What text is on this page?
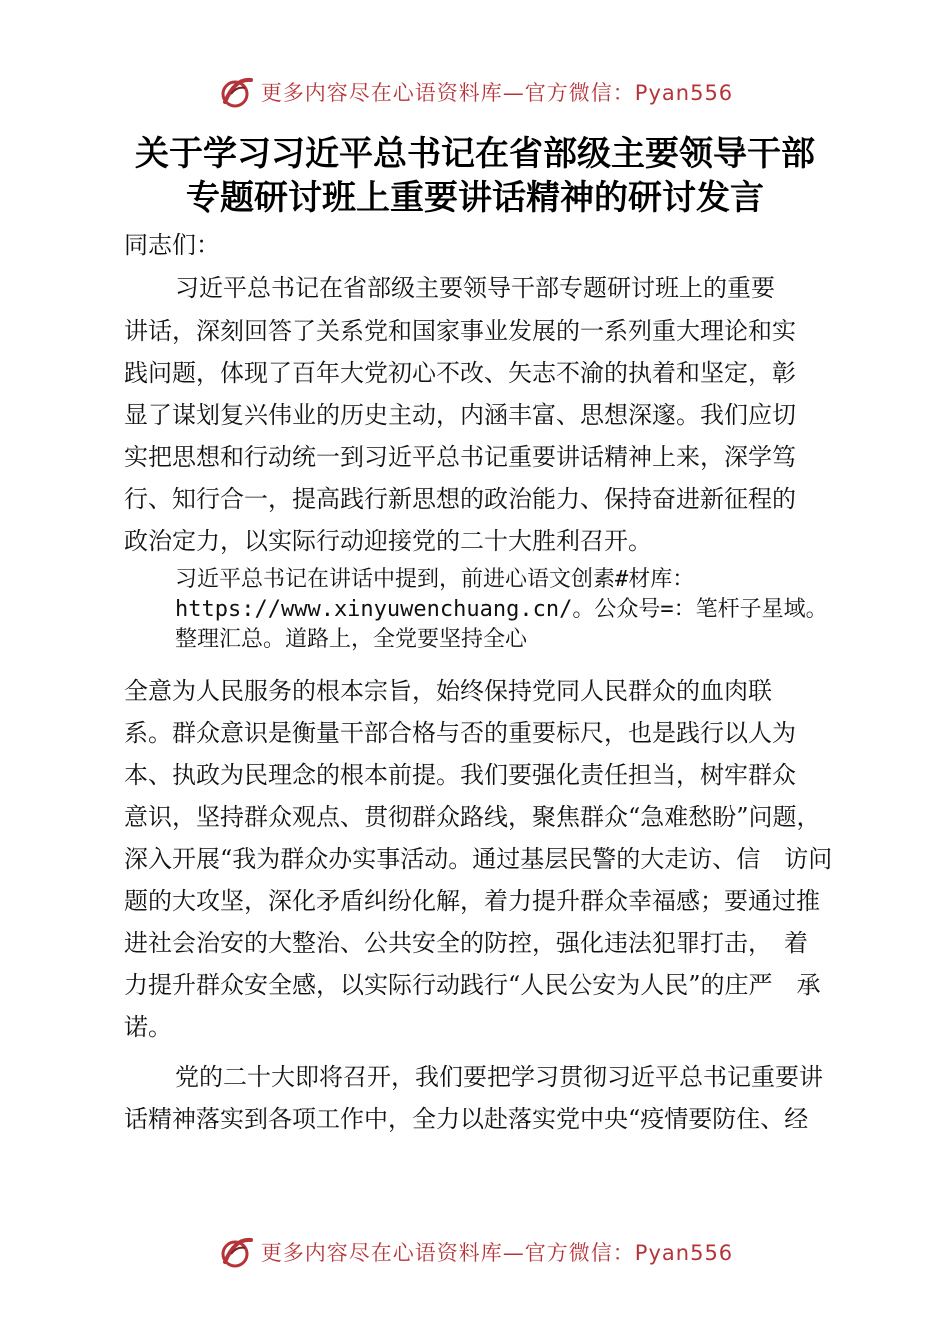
更多内容尽在心语资料库—官方微信：Pyan556
关于学习习近平总书记在省部级主要领导干部
专题研讨班上重要讲话精神的研讨发言
同志们：
习近平总书记在省部级主要领导干部专题研讨班上的重要
讲话，深刻回答了关系党和国家事业发展的一系列重大理论和实
践问题，体现了百年大党初心不改、矢志不渝的执着和坚定，彰
显了谋划复兴伟业的历史主动，内涵丰富、思想深邃。我们应切
实把思想和行动统一到习近平总书记重要讲话精神上来，深学笃
行、知行合一，提高践行新思想的政治能力、保持奋进新征程的
政治定力，以实际行动迎接党的二十大胜利召开。
习近平总书记在讲话中提到，前进心语文创素#材库：
https://www.xinyuwenchuang.cn/。公众号=：笔杆子星域。
整理汇总。道路上，全党要坚持全心
全意为人民服务的根本宗旨，始终保持党同人民群众的血肉联
系。群众意识是衡量干部合格与否的重要标尺，也是践行以人为
本、执政为民理念的根本前提。我们要强化责任担当，树牢群众
意识，坚持群众观点、贯彻群众路线，聚焦群众“急难愁盼”问题，
深入开展“我为群众办实事活动。通过基层民警的大走访、信　访问
题的大攻坚，深化矛盾纠纷化解，着力提升群众幸福感；要通过推
进社会治安的大整治、公共安全的防控，强化违法犯罪打击，　着
力提升群众安全感，以实际行动践行“人民公安为人民”的庄严　承
诺。
党的二十大即将召开，我们要把学习贯彻习近平总书记重要讲
话精神落实到各项工作中，全力以赴落实党中央“疫情要防住、经
更多内容尽在心语资料库—官方微信：Pyan556
